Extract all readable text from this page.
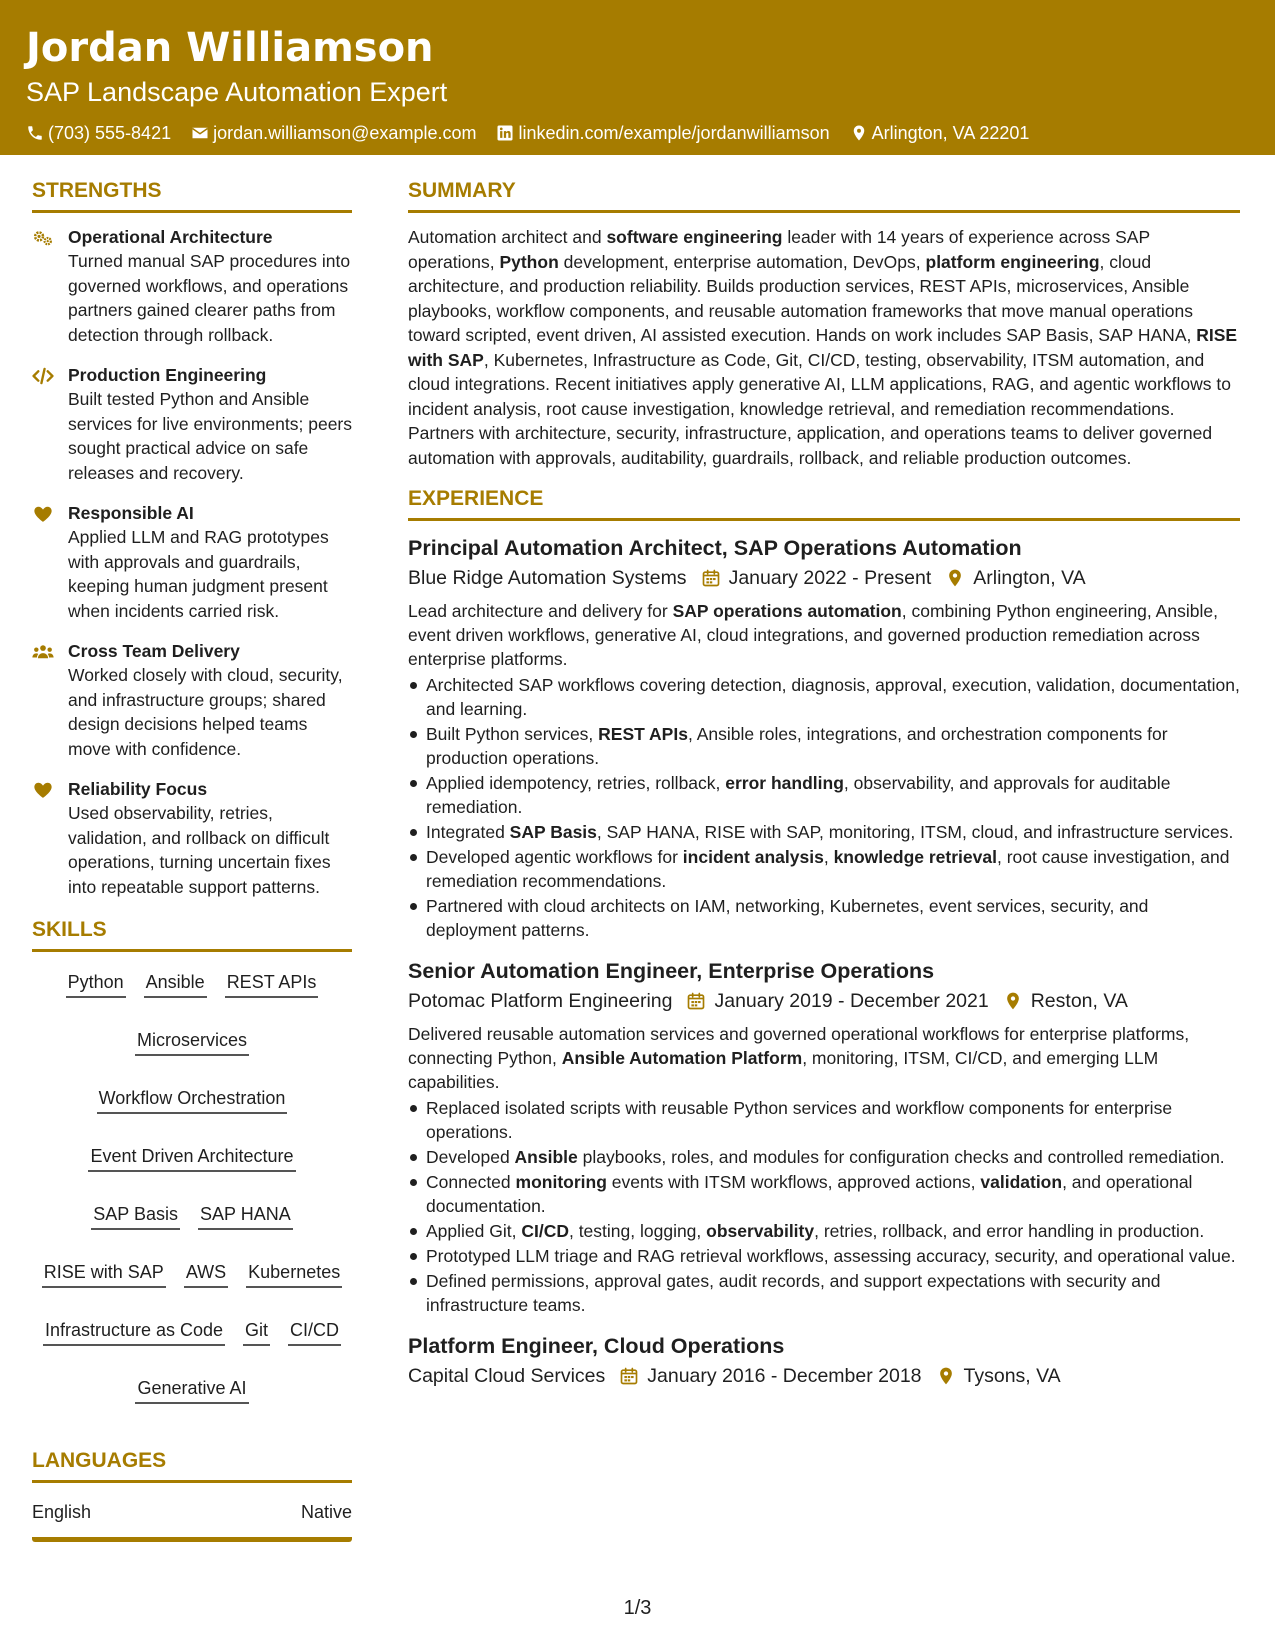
Jordan Williamson
SAP Landscape Automation Expert
(703) 555-8421 jordan.williamson@example.com linkedin.com/example/jordanwilliamson Arlington, VA 22201
STRENGTHS
Operational Architecture
Turned manual SAP procedures into governed workflows, and operations partners gained clearer paths from detection through rollback.
Production Engineering
Built tested Python and Ansible services for live environments; peers sought practical advice on safe releases and recovery.
Responsible AI
Applied LLM and RAG prototypes with approvals and guardrails, keeping human judgment present when incidents carried risk.
Cross Team Delivery
Worked closely with cloud, security, and infrastructure groups; shared design decisions helped teams move with confidence.
Reliability Focus
Used observability, retries, validation, and rollback on difficult operations, turning uncertain fixes into repeatable support patterns.
SKILLS
Python Ansible REST APIs
Microservices
Workflow Orchestration
Event Driven Architecture
SAP Basis SAP HANA
RISE with SAP AWS Kubernetes
Infrastructure as Code Git CI/CD
Generative AI
LANGUAGES
English	Native
SUMMARY

Automation architect and software engineering leader with 14 years of experience across SAP operations, Python development, enterprise automation, DevOps, platform engineering, cloud architecture, and production reliability. Builds production services, REST APIs, microservices, Ansible playbooks, workflow components, and reusable automation frameworks that move manual operations toward scripted, event driven, AI assisted execution. Hands on work includes SAP Basis, SAP HANA, RISE with SAP, Kubernetes, Infrastructure as Code, Git, CI/CD, testing, observability, ITSM automation, and cloud integrations. Recent initiatives apply generative AI, LLM applications, RAG, and agentic workflows to incident analysis, root cause investigation, knowledge retrieval, and remediation recommendations. Partners with architecture, security, infrastructure, application, and operations teams to deliver governed automation with approvals, auditability, guardrails, rollback, and reliable production outcomes.

EXPERIENCE
Principal Automation Architect, SAP Operations Automation
Blue Ridge Automation Systems January 2022 - Present Arlington, VA

Lead architecture and delivery for SAP operations automation, combining Python engineering, Ansible, event driven workflows, generative AI, cloud integrations, and governed production remediation across enterprise platforms.

Architected SAP workflows covering detection, diagnosis, approval, execution, validation, documentation, and learning.
Built Python services, REST APIs, Ansible roles, integrations, and orchestration components for production operations.
Applied idempotency, retries, rollback, error handling, observability, and approvals for auditable remediation.
Integrated SAP Basis, SAP HANA, RISE with SAP, monitoring, ITSM, cloud, and infrastructure services.
Developed agentic workflows for incident analysis, knowledge retrieval, root cause investigation, and remediation recommendations.
Partnered with cloud architects on IAM, networking, Kubernetes, event services, security, and deployment patterns.
Senior Automation Engineer, Enterprise Operations
Potomac Platform Engineering January 2019 - December 2021 Reston, VA

Delivered reusable automation services and governed operational workflows for enterprise platforms, connecting Python, Ansible Automation Platform, monitoring, ITSM, CI/CD, and emerging LLM capabilities.

Replaced isolated scripts with reusable Python services and workflow components for enterprise operations.
Developed Ansible playbooks, roles, and modules for configuration checks and controlled remediation.
Connected monitoring events with ITSM workflows, approved actions, validation, and operational documentation.
Applied Git, CI/CD, testing, logging, observability, retries, rollback, and error handling in production.
Prototyped LLM triage and RAG retrieval workflows, assessing accuracy, security, and operational value.
Defined permissions, approval gates, audit records, and support expectations with security and infrastructure teams.
Platform Engineer, Cloud Operations
Capital Cloud Services January 2016 - December 2018 Tysons, VA
1/3
